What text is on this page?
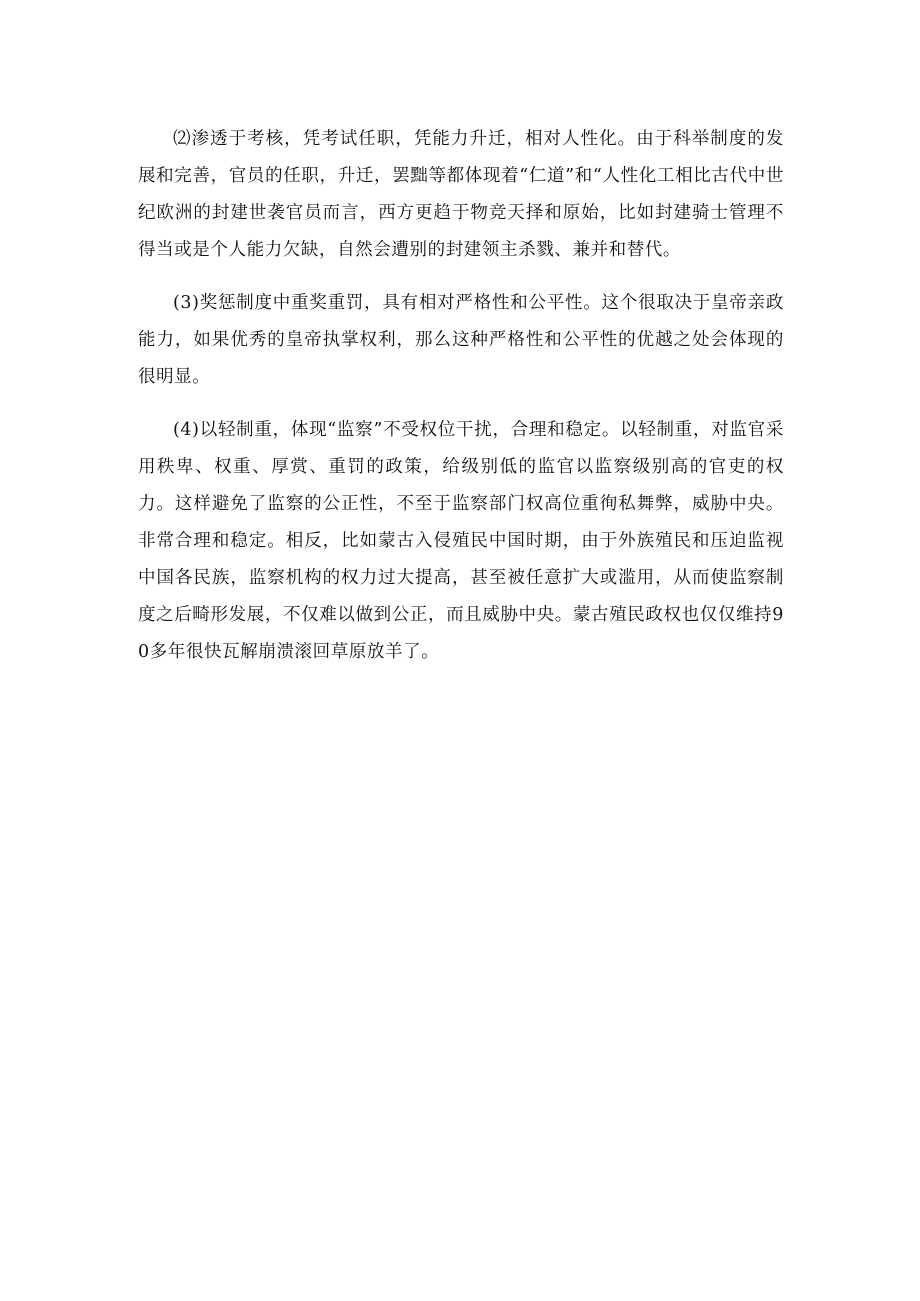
⑵渗透于考核，凭考试任职，凭能力升迁，相对人性化。由于科举制度的发展和完善，官员的任职，升迁，罢黜等都体现着“仁道”和“人性化工相比古代中世纪欧洲的封建世袭官员而言，西方更趋于物竞天择和原始，比如封建骑士管理不得当或是个人能力欠缺，自然会遭别的封建领主杀戮、兼并和替代。

(3)奖惩制度中重奖重罚，具有相对严格性和公平性。这个很取决于皇帝亲政能力，如果优秀的皇帝执掌权利，那么这种严格性和公平性的优越之处会体现的很明显。

(4)以轻制重，体现“监察”不受权位干扰，合理和稳定。以轻制重，对监官采用秩卑、权重、厚赏、重罚的政策，给级别低的监官以监察级别高的官吏的权力。这样避免了监察的公正性，不至于监察部门权高位重徇私舞弊，威胁中央。非常合理和稳定。相反，比如蒙古入侵殖民中国时期，由于外族殖民和压迫监视中国各民族，监察机构的权力过大提高，甚至被任意扩大或滥用，从而使监察制度之后畸形发展，不仅难以做到公正，而且威胁中央。蒙古殖民政权也仅仅维持90多年很快瓦解崩溃滚回草原放羊了。
